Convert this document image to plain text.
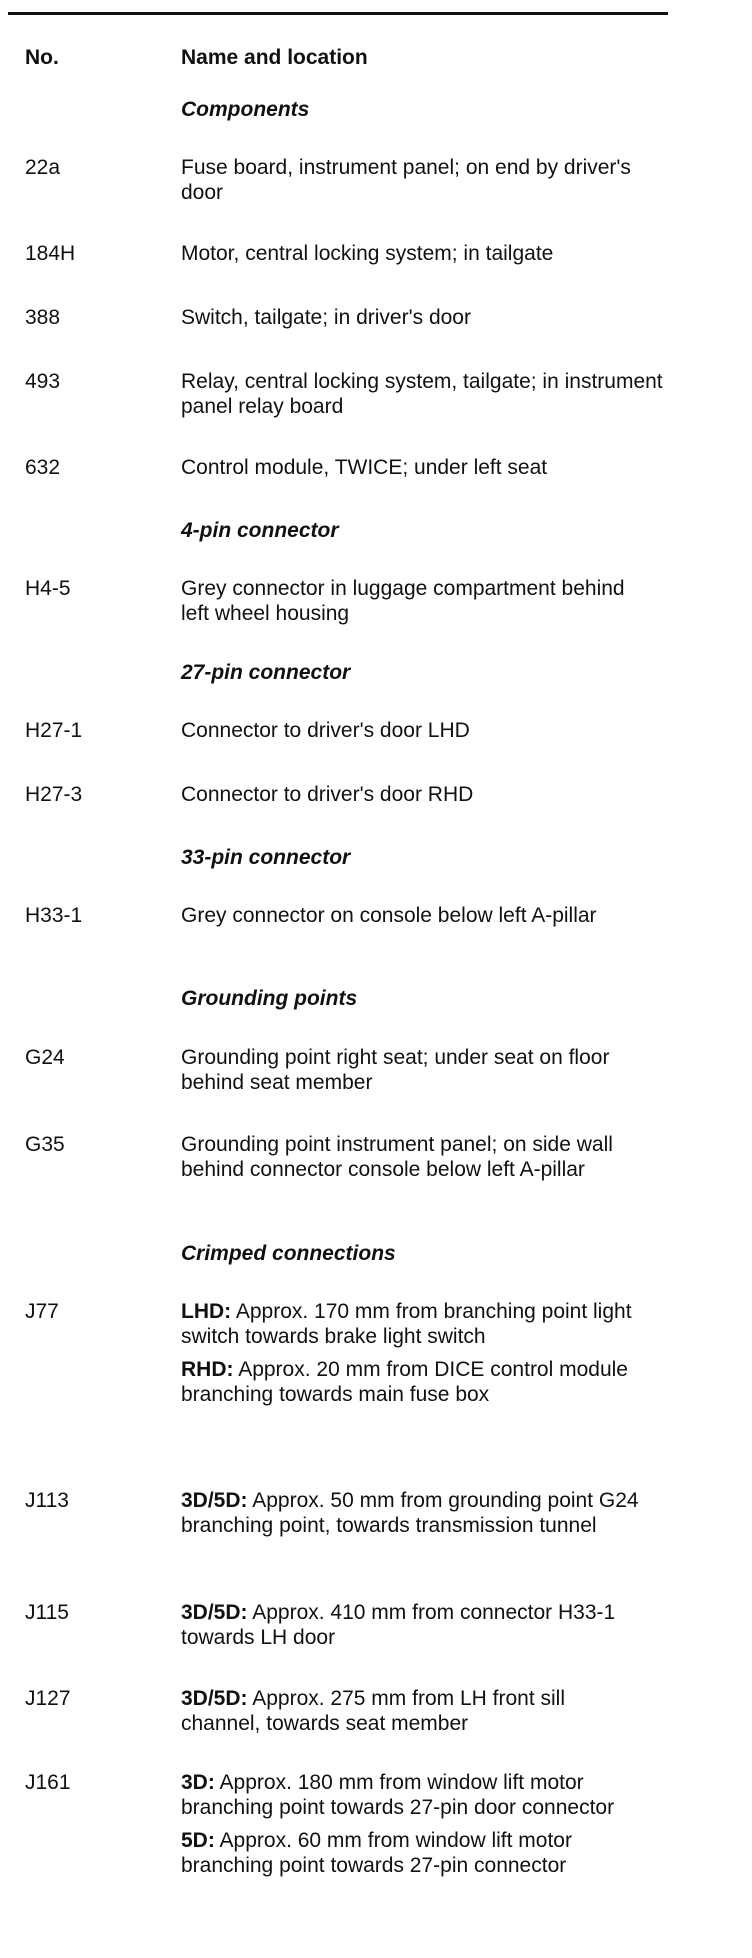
No.	Name and location
Components
22a	Fuse board, instrument panel; on end by driver's door
184H	Motor, central locking system; in tailgate
388	Switch, tailgate; in driver's door
493	Relay, central locking system, tailgate; in instrument panel relay board
632	Control module, TWICE; under left seat
4-pin connector
H4-5	Grey connector in luggage compartment behind left wheel housing
27-pin connector
H27-1	Connector to driver's door LHD
H27-3	Connector to driver's door RHD
33-pin connector
H33-1	Grey connector on console below left A-pillar
Grounding points
G24	Grounding point right seat; under seat on floor behind seat member
G35	Grounding point instrument panel; on side wall behind connector console below left A-pillar
Crimped connections
J77	LHD: Approx. 170 mm from branching point light switch towards brake light switch
RHD: Approx. 20 mm from DICE control module branching towards main fuse box
J113	3D/5D: Approx. 50 mm from grounding point G24 branching point, towards transmission tunnel
J115	3D/5D: Approx. 410 mm from connector H33-1 towards LH door
J127	3D/5D: Approx. 275 mm from LH front sill channel, towards seat member
J161	3D: Approx. 180 mm from window lift motor branching point towards 27-pin door connector
5D: Approx. 60 mm from window lift motor branching point towards 27-pin connector
